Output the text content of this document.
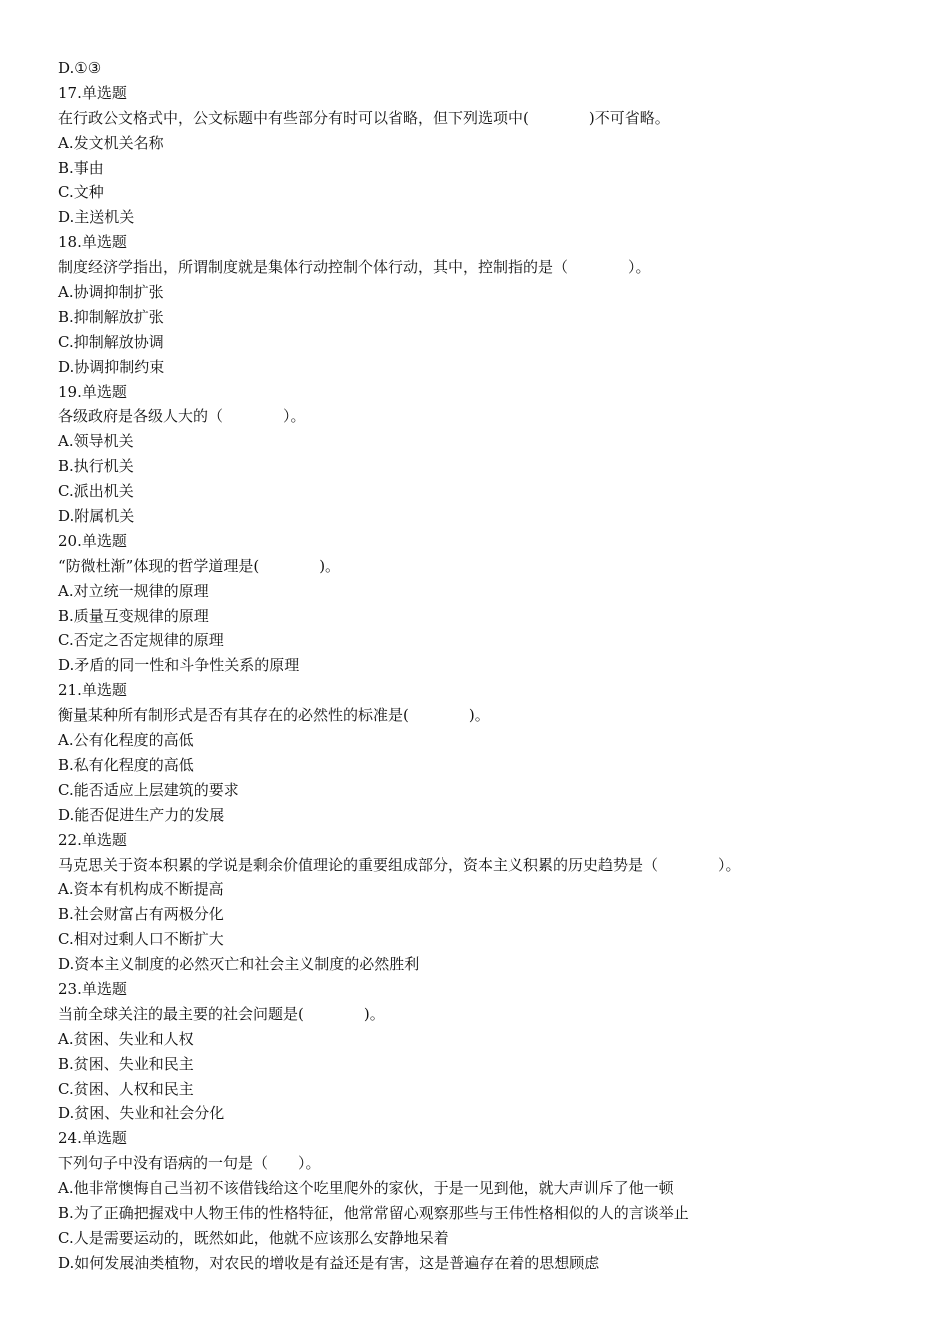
D.①③
17.单选题
在行政公文格式中，公文标题中有些部分有时可以省略，但下列选项中(　　　　)不可省略。
A.发文机关名称
B.事由
C.文种
D.主送机关
18.单选题
制度经济学指出，所谓制度就是集体行动控制个体行动，其中，控制指的是（　　　　）。
A.协调抑制扩张
B.抑制解放扩张
C.抑制解放协调
D.协调抑制约束
19.单选题
各级政府是各级人大的（　　　　）。
A.领导机关
B.执行机关
C.派出机关
D.附属机关
20.单选题
“防微杜渐”体现的哲学道理是(　　　　)。
A.对立统一规律的原理
B.质量互变规律的原理
C.否定之否定规律的原理
D.矛盾的同一性和斗争性关系的原理
21.单选题
衡量某种所有制形式是否有其存在的必然性的标准是(　　　　)。
A.公有化程度的高低
B.私有化程度的高低
C.能否适应上层建筑的要求
D.能否促进生产力的发展
22.单选题
马克思关于资本积累的学说是剩余价值理论的重要组成部分，资本主义积累的历史趋势是（　　　　）。
A.资本有机构成不断提高
B.社会财富占有两极分化
C.相对过剩人口不断扩大
D.资本主义制度的必然灭亡和社会主义制度的必然胜利
23.单选题
当前全球关注的最主要的社会问题是(　　　　)。
A.贫困、失业和人权
B.贫困、失业和民主
C.贫困、人权和民主
D.贫困、失业和社会分化
24.单选题
下列句子中没有语病的一句是（　　）。
A.他非常懊悔自己当初不该借钱给这个吃里爬外的家伙，于是一见到他，就大声训斥了他一顿
B.为了正确把握戏中人物王伟的性格特征，他常常留心观察那些与王伟性格相似的人的言谈举止
C.人是需要运动的，既然如此，他就不应该那么安静地呆着
D.如何发展油类植物，对农民的增收是有益还是有害，这是普遍存在着的思想顾虑
